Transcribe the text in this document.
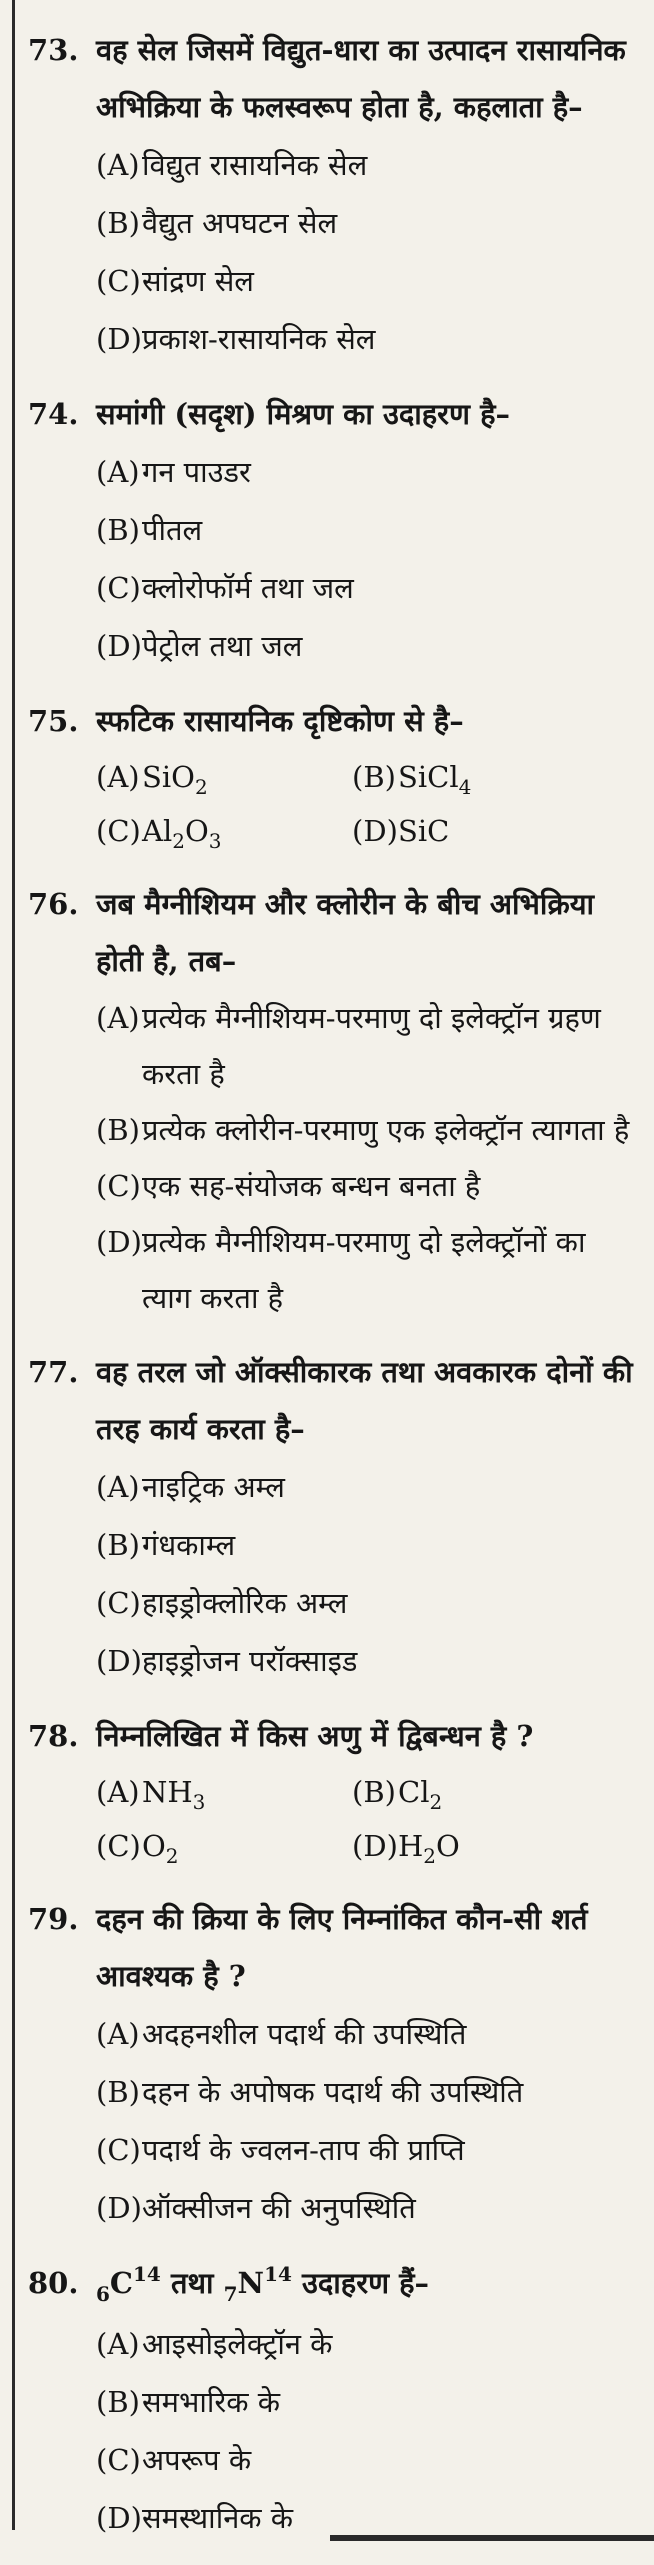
73. वह सेल जिसमें विद्युत-धारा का उत्पादन रासायनिक अभिक्रिया के फलस्वरूप होता है, कहलाता है–
(A) विद्युत रासायनिक सेल
(B) वैद्युत अपघटन सेल
(C) सांद्रण सेल
(D) प्रकाश-रासायनिक सेल
74. समांगी (सदृश) मिश्रण का उदाहरण है–
(A) गन पाउडर
(B) पीतल
(C) क्लोरोफॉर्म तथा जल
(D) पेट्रोल तथा जल
75. स्फटिक रासायनिक दृष्टिकोण से है–
(A) SiO$_2$	(B) SiCl$_4$
(C) $Al_2O_3$	(D) SiC
76. जब मैग्नीशियम और क्लोरीन के बीच अभिक्रिया होती है, तब–
(A) प्रत्येक मैग्नीशियम-परमाणु दो इलेक्ट्रॉन ग्रहण करता है
(B) प्रत्येक क्लोरीन-परमाणु एक इलेक्ट्रॉन त्यागता है
(C) एक सह-संयोजक बन्धन बनता है
(D) प्रत्येक मैग्नीशियम-परमाणु दो इलेक्ट्रॉनों का त्याग करता है
77. वह तरल जो ऑक्सीकारक तथा अवकारक दोनों की तरह कार्य करता है–
(A) नाइट्रिक अम्ल
(B) गंधकाम्ल
(C) हाइड्रोक्लोरिक अम्ल
(D) हाइड्रोजन परॉक्साइड
78. निम्नलिखित में किस अणु में द्विबन्धन है ?
(A) $NH_3$	(B) $Cl_2$
(C) $O_2$	(D) $H_2O$
79. दहन की क्रिया के लिए निम्नांकित कौन-सी शर्त आवश्यक है ?
(A) अदहनशील पदार्थ की उपस्थिति
(B) दहन के अपोषक पदार्थ की उपस्थिति
(C) पदार्थ के ज्वलन-ताप की प्राप्ति
(D) ऑक्सीजन की अनुपस्थिति
80. $_6C^{14}$ तथा $_7N^{14}$ उदाहरण हैं–
(A) आइसोइलेक्ट्रॉन के
(B) समभारिक के
(C) अपरूप के
(D) समस्थानिक के
